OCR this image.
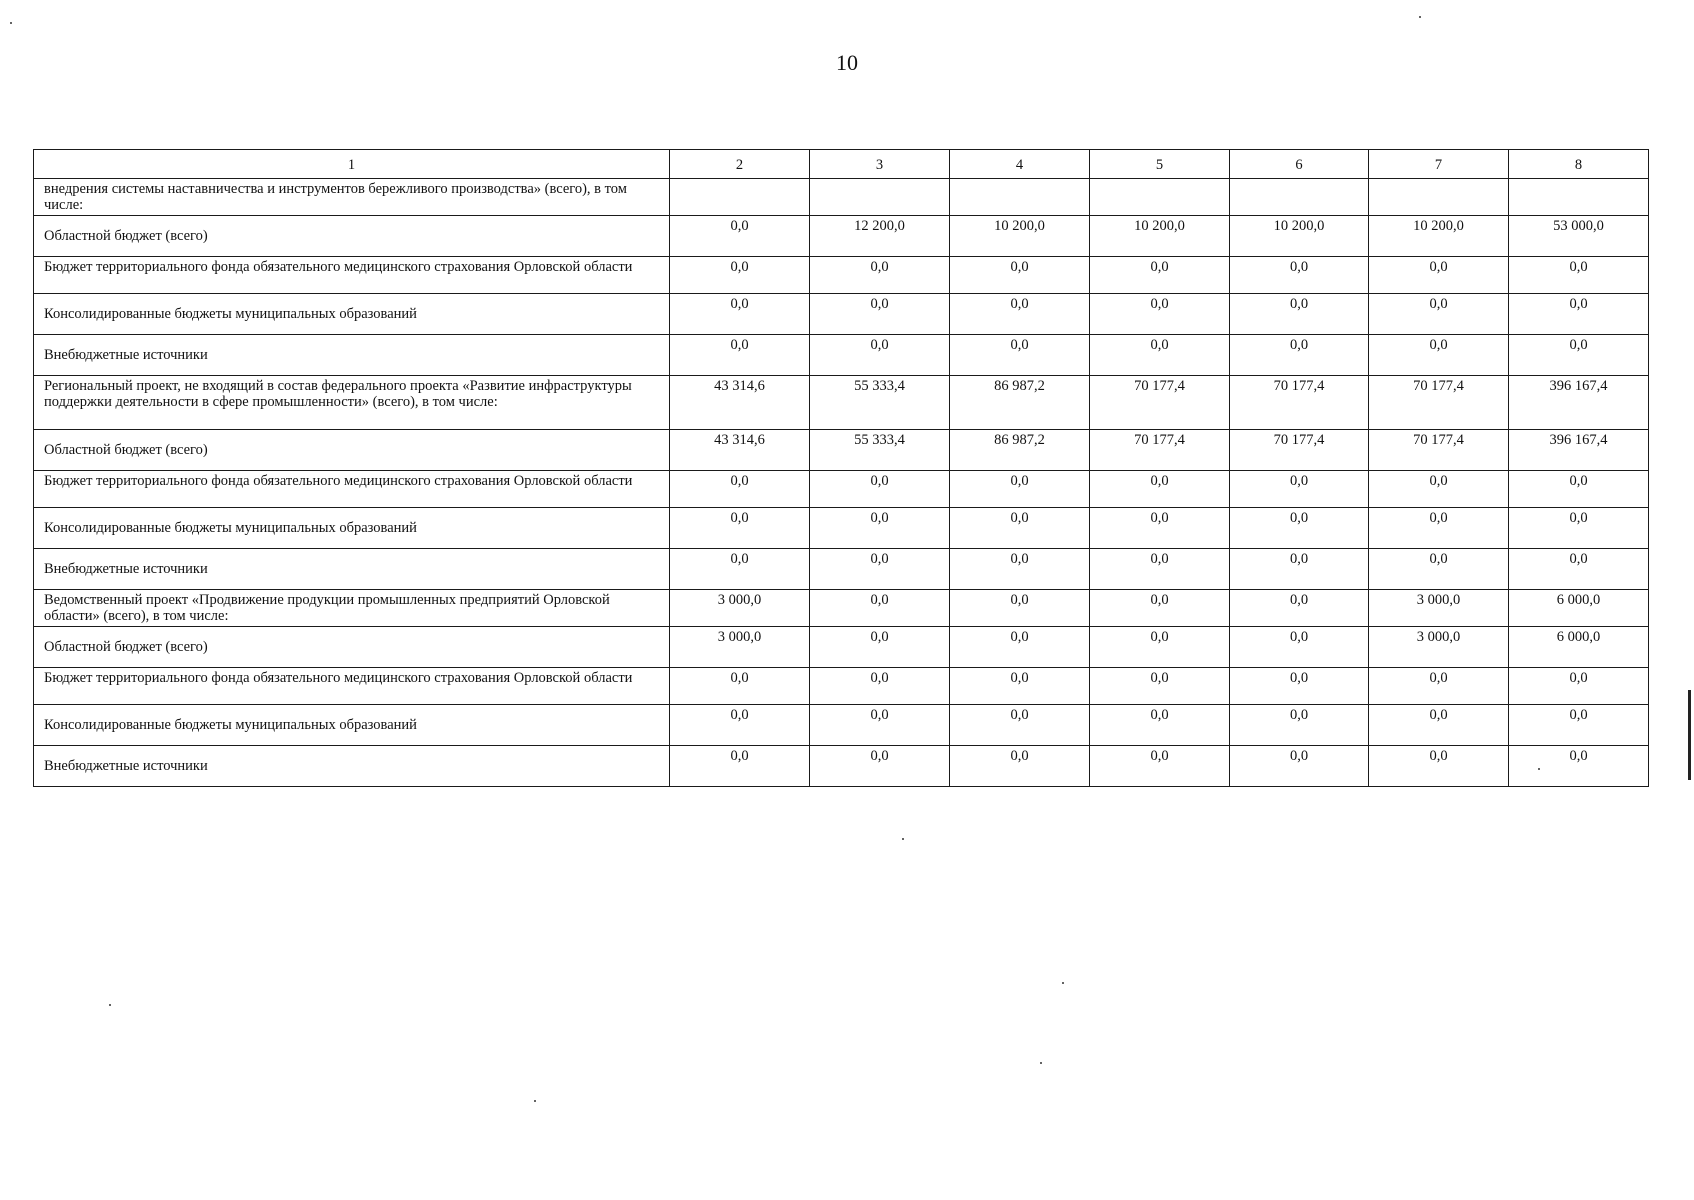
10
1	2	3	4	5	6	7	8
внедрения системы наставничества и инструментов бережливого производства» (всего), в том числе:							
Областной бюджет (всего)	0,0	12 200,0	10 200,0	10 200,0	10 200,0	10 200,0	53 000,0
Бюджет территориального фонда обязательного медицинского страхования Орловской области	0,0	0,0	0,0	0,0	0,0	0,0	0,0
Консолидированные бюджеты муниципальных образований	0,0	0,0	0,0	0,0	0,0	0,0	0,0
Внебюджетные источники	0,0	0,0	0,0	0,0	0,0	0,0	0,0
Региональный проект, не входящий в состав федерального проекта «Развитие инфраструктуры поддержки деятельности в сфере промышленности» (всего), в том числе:	43 314,6	55 333,4	86 987,2	70 177,4	70 177,4	70 177,4	396 167,4
Областной бюджет (всего)	43 314,6	55 333,4	86 987,2	70 177,4	70 177,4	70 177,4	396 167,4
Бюджет территориального фонда обязательного медицинского страхования Орловской области	0,0	0,0	0,0	0,0	0,0	0,0	0,0
Консолидированные бюджеты муниципальных образований	0,0	0,0	0,0	0,0	0,0	0,0	0,0
Внебюджетные источники	0,0	0,0	0,0	0,0	0,0	0,0	0,0
Ведомственный проект «Продвижение продукции промышленных предприятий Орловской области» (всего), в том числе:	3 000,0	0,0	0,0	0,0	0,0	3 000,0	6 000,0
Областной бюджет (всего)	3 000,0	0,0	0,0	0,0	0,0	3 000,0	6 000,0
Бюджет территориального фонда обязательного медицинского страхования Орловской области	0,0	0,0	0,0	0,0	0,0	0,0	0,0
Консолидированные бюджеты муниципальных образований	0,0	0,0	0,0	0,0	0,0	0,0	0,0
Внебюджетные источники	0,0	0,0	0,0	0,0	0,0	0,0	0,0
